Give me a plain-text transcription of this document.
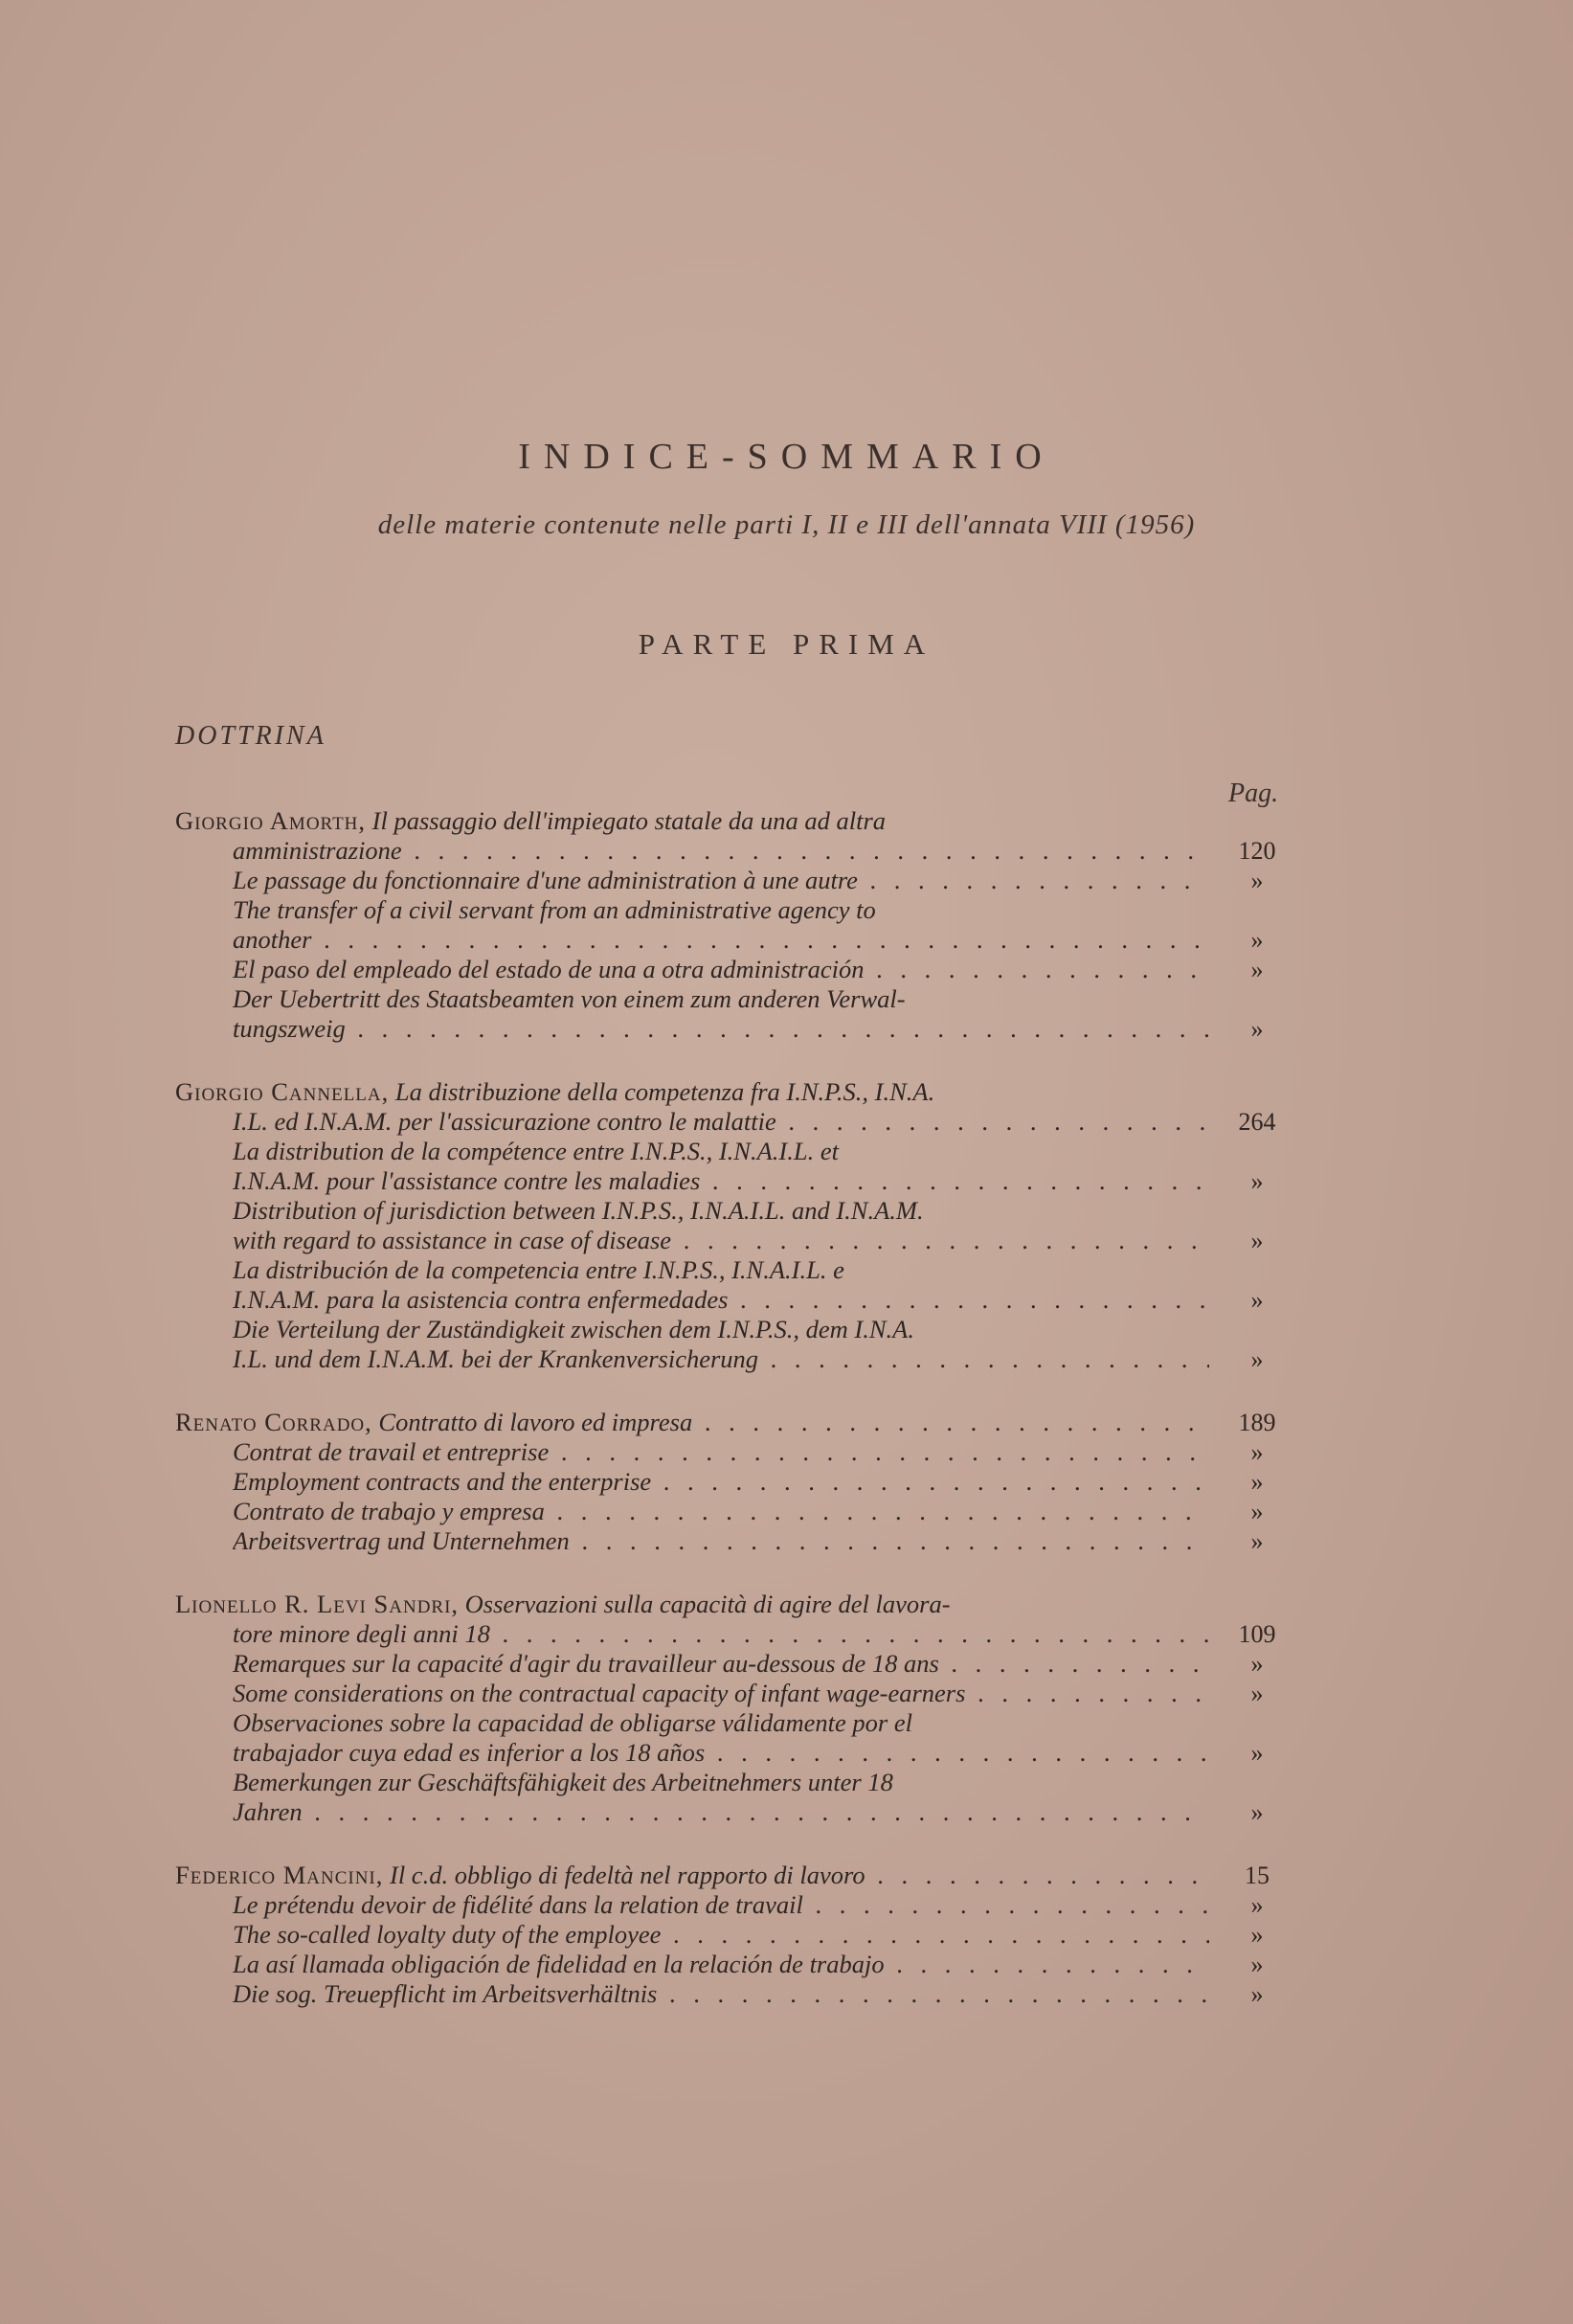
INDICE-SOMMARIO
delle materie contenute nelle parti I, II e III dell'annata VIII (1956)
PARTE PRIMA
DOTTRINA
Pag.
Giorgio Amorth, Il passaggio dell'impiegato statale da una ad altra
amministrazione . . .	120
Le passage du fonctionnaire d'une administration à une autre . . .	»
The transfer of a civil servant from an administrative agency to
another . . .	»
El paso del empleado del estado de una a otra administración . . .	»
Der Uebertritt des Staatsbeamten von einem zum anderen Verwal-
tungszweig . . .	»
Giorgio Cannella, La distribuzione della competenza fra I.N.P.S., I.N.A.
I.L. ed I.N.A.M. per l'assicurazione contro le malattie . . .	264
La distribution de la compétence entre I.N.P.S., I.N.A.I.L. et
I.N.A.M. pour l'assistance contre les maladies . . .	»
Distribution of jurisdiction between I.N.P.S., I.N.A.I.L. and I.N.A.M.
with regard to assistance in case of disease . . .	»
La distribución de la competencia entre I.N.P.S., I.N.A.I.L. e
I.N.A.M. para la asistencia contra enfermedades . . .	»
Die Verteilung der Zuständigkeit zwischen dem I.N.P.S., dem I.N.A.
I.L. und dem I.N.A.M. bei der Krankenversicherung . . .	»
Renato Corrado, Contratto di lavoro ed impresa . . .	189
Contrat de travail et entreprise . . .	»
Employment contracts and the enterprise . . .	»
Contrato de trabajo y empresa . . .	»
Arbeitsvertrag und Unternehmen . . .	»
Lionello R. Levi Sandri, Osservazioni sulla capacità di agire del lavora-
tore minore degli anni 18 . . .	109
Remarques sur la capacité d'agir du travailleur au-dessous de 18 ans . . .	»
Some considerations on the contractual capacity of infant wage-earners . . .	»
Observaciones sobre la capacidad de obligarse válidamente por el
trabajador cuya edad es inferior a los 18 años . . .	»
Bemerkungen zur Geschäftsfähigkeit des Arbeitnehmers unter 18
Jahren . . .	»
Federico Mancini, Il c.d. obbligo di fedeltà nel rapporto di lavoro . . .	15
Le prétendu devoir de fidélité dans la relation de travail . . .	»
The so-called loyalty duty of the employee . . .	»
La así llamada obligación de fidelidad en la relación de trabajo . . .	»
Die sog. Treuepflicht im Arbeitsverhältnis . . .	»
